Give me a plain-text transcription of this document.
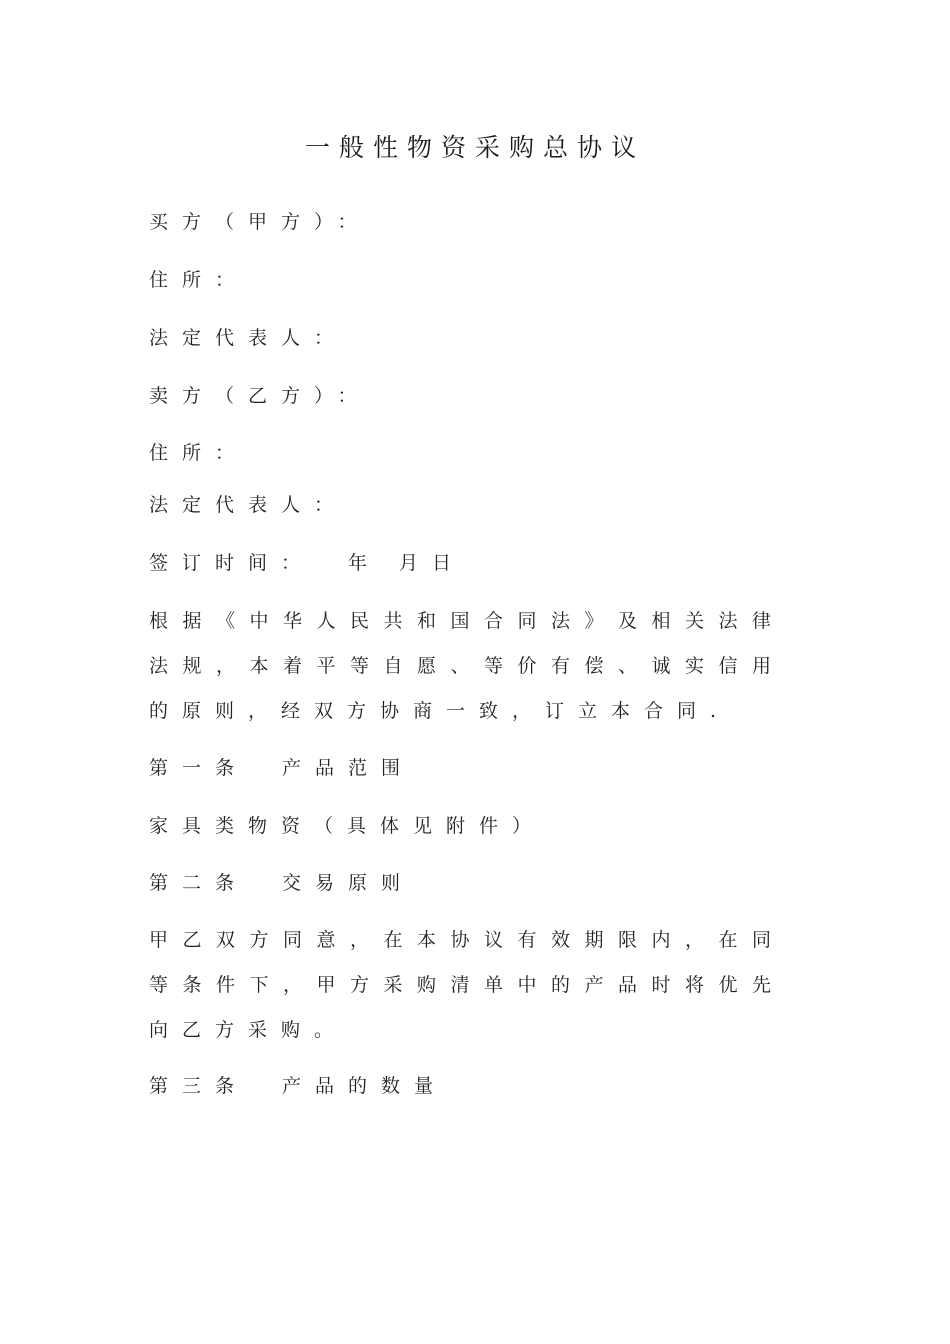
一般性物资采购总协议
买方（甲方）：
住所：
法定代表人：
卖方（乙方）：
住所：
法定代表人：
签订时间： 年 月日
根据《中华人民共和国合同法》及相关法律
法规，本着平等自愿、等价有偿、诚实信用
的原则，经双方协商一致，订立本合同.
第一条 产品范围
家具类物资（具体见附件）
第二条 交易原则
甲乙双方同意，在本协议有效期限内，在同
等条件下，甲方采购清单中的产品时将优先
向乙方采购。
第三条 产品的数量
